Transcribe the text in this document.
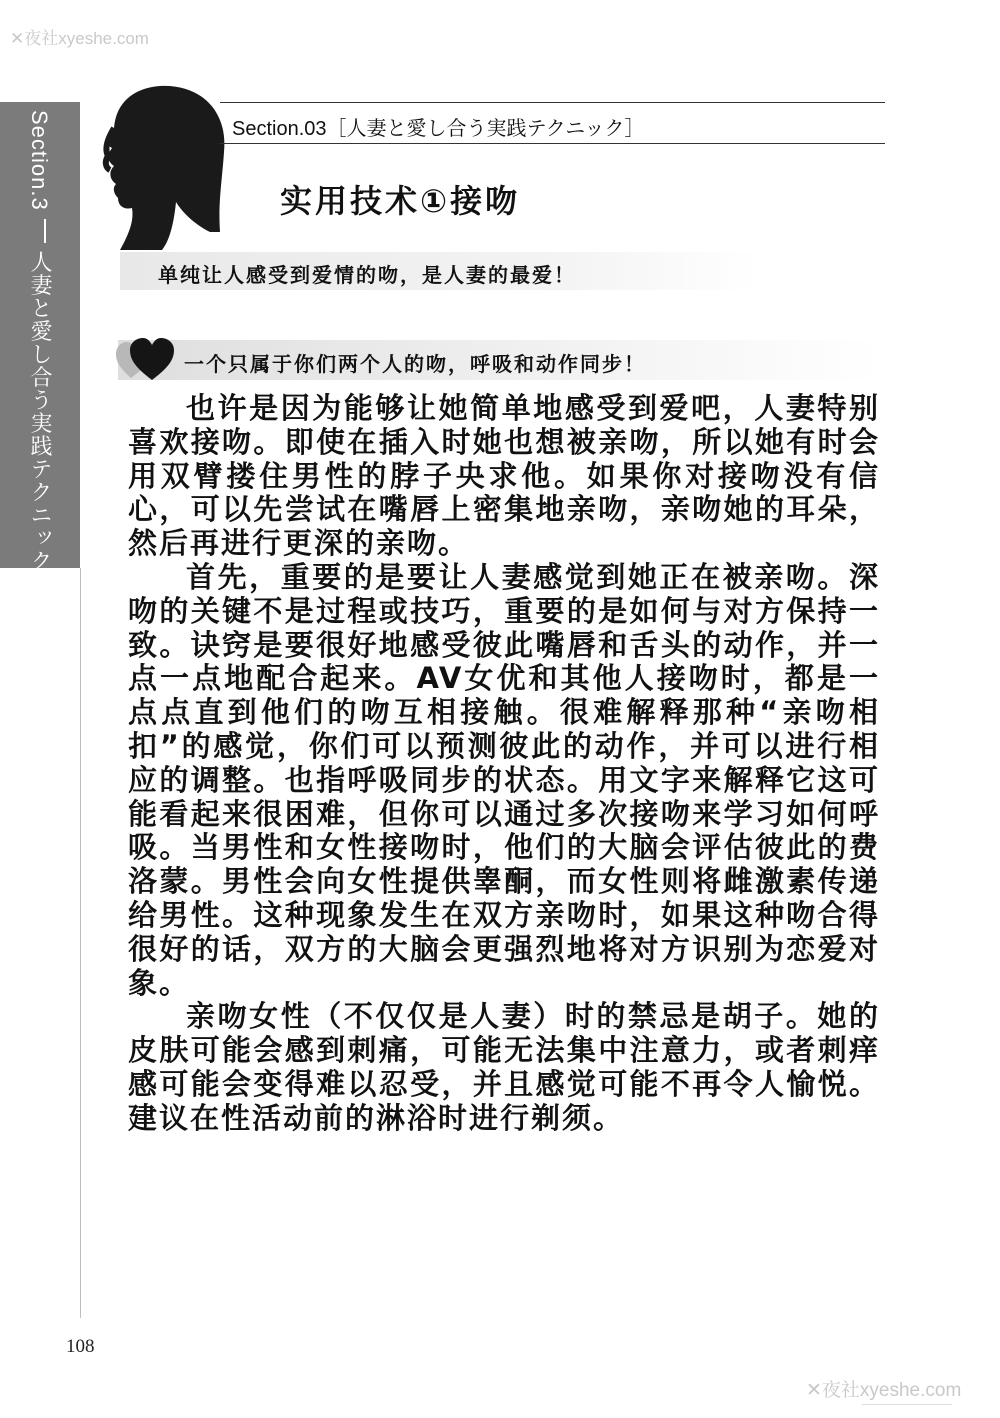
✕夜社xyeshe.com
Section.3人妻と愛し合う実践テクニック
Section.03［人妻と愛し合う実践テクニック］
实用技术①接吻
单纯让人感受到爱情的吻，是人妻的最爱！
一个只属于你们两个人的吻，呼吸和动作同步！

也许是因为能够让她简单地感受到爱吧，人妻特别喜欢接吻。即使在插入时她也想被亲吻，所以她有时会用双臂搂住男性的脖子央求他。如果你对接吻没有信心，可以先尝试在嘴唇上密集地亲吻，亲吻她的耳朵，然后再进行更深的亲吻。

首先，重要的是要让人妻感觉到她正在被亲吻。深吻的关键不是过程或技巧，重要的是如何与对方保持一致。诀窍是要很好地感受彼此嘴唇和舌头的动作，并一点一点地配合起来。AV女优和其他人接吻时，都是一点点直到他们的吻互相接触。很难解释那种“亲吻相扣”的感觉，你们可以预测彼此的动作，并可以进行相应的调整。也指呼吸同步的状态。用文字来解释它这可能看起来很困难，但你可以通过多次接吻来学习如何呼吸。当男性和女性接吻时，他们的大脑会评估彼此的费洛蒙。男性会向女性提供睾酮，而女性则将雌激素传递给男性。这种现象发生在双方亲吻时，如果这种吻合得很好的话，双方的大脑会更强烈地将对方识别为恋爱对象。

亲吻女性（不仅仅是人妻）时的禁忌是胡子。她的皮肤可能会感到刺痛，可能无法集中注意力，或者刺痒感可能会变得难以忍受，并且感觉可能不再令人愉悦。建议在性活动前的淋浴时进行剃须。

108
✕夜社xyeshe.com
